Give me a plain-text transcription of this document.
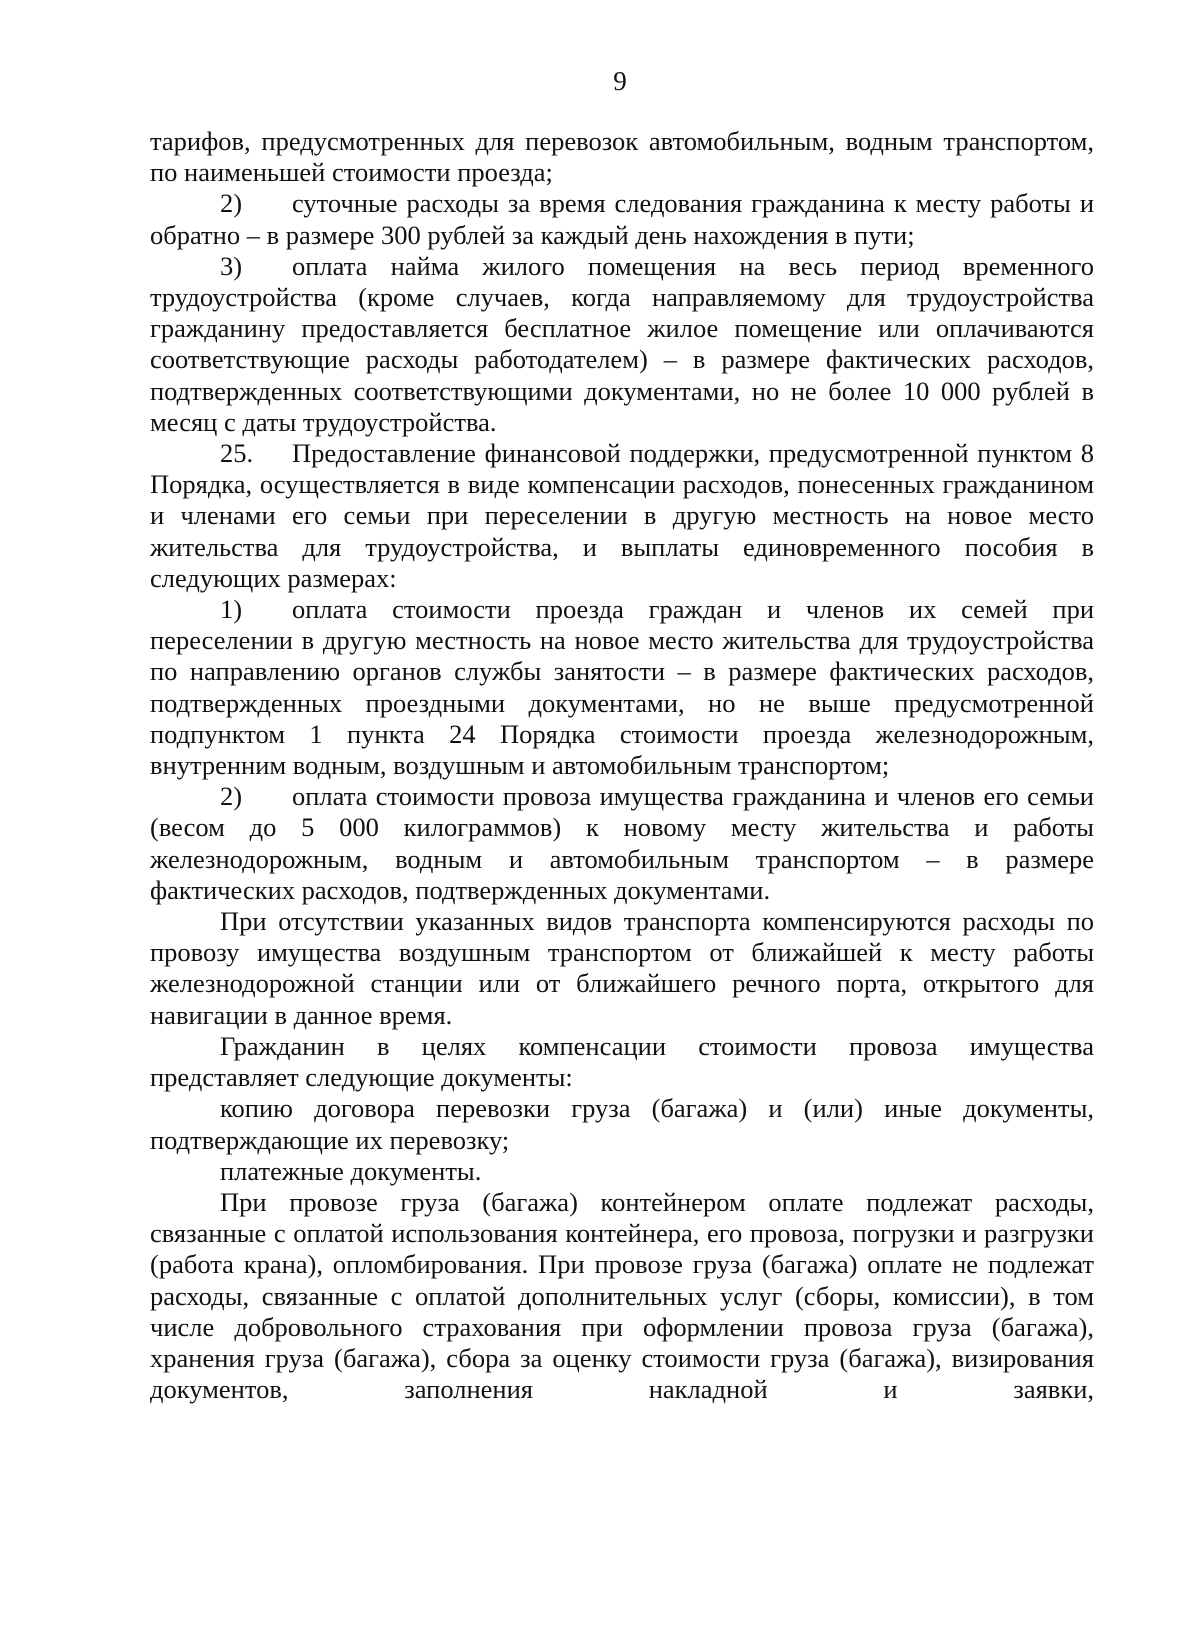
9

тарифов, предусмотренных для перевозок автомобильным, водным транспортом, по наименьшей стоимости проезда;

2) суточные расходы за время следования гражданина к месту работы и обратно – в размере 300 рублей за каждый день нахождения в пути;

3) оплата найма жилого помещения на весь период временного трудоустройства (кроме случаев, когда направляемому для трудоустройства гражданину предоставляется бесплатное жилое помещение или оплачиваются соответствующие расходы работодателем) – в размере фактических расходов, подтвержденных соответствующими документами, но не более 10 000 рублей в месяц с даты трудоустройства.

25. Предоставление финансовой поддержки, предусмотренной пунктом 8 Порядка, осуществляется в виде компенсации расходов, понесенных гражданином и членами его семьи при переселении в другую местность на новое место жительства для трудоустройства, и выплаты единовременного пособия в следующих размерах:

1) оплата стоимости проезда граждан и членов их семей при переселении в другую местность на новое место жительства для трудоустройства по направлению органов службы занятости – в размере фактических расходов, подтвержденных проездными документами, но не выше предусмотренной подпунктом 1 пункта 24 Порядка стоимости проезда железнодорожным, внутренним водным, воздушным и автомобильным транспортом;

2) оплата стоимости провоза имущества гражданина и членов его семьи (весом до 5 000 килограммов) к новому месту жительства и работы железнодорожным, водным и автомобильным транспортом – в размере фактических расходов, подтвержденных документами.

При отсутствии указанных видов транспорта компенсируются расходы по провозу имущества воздушным транспортом от ближайшей к месту работы железнодорожной станции или от ближайшего речного порта, открытого для навигации в данное время.

Гражданин в целях компенсации стоимости провоза имущества представляет следующие документы:

копию договора перевозки груза (багажа) и (или) иные документы, подтверждающие их перевозку;

платежные документы.

При провозе груза (багажа) контейнером оплате подлежат расходы, связанные с оплатой использования контейнера, его провоза, погрузки и разгрузки (работа крана), опломбирования. При провозе груза (багажа) оплате не подлежат расходы, связанные с оплатой дополнительных услуг (сборы, комиссии), в том числе добровольного страхования при оформлении провоза груза (багажа), хранения груза (багажа), сбора за оценку стоимости груза (багажа), визирования документов, заполнения накладной и заявки,
